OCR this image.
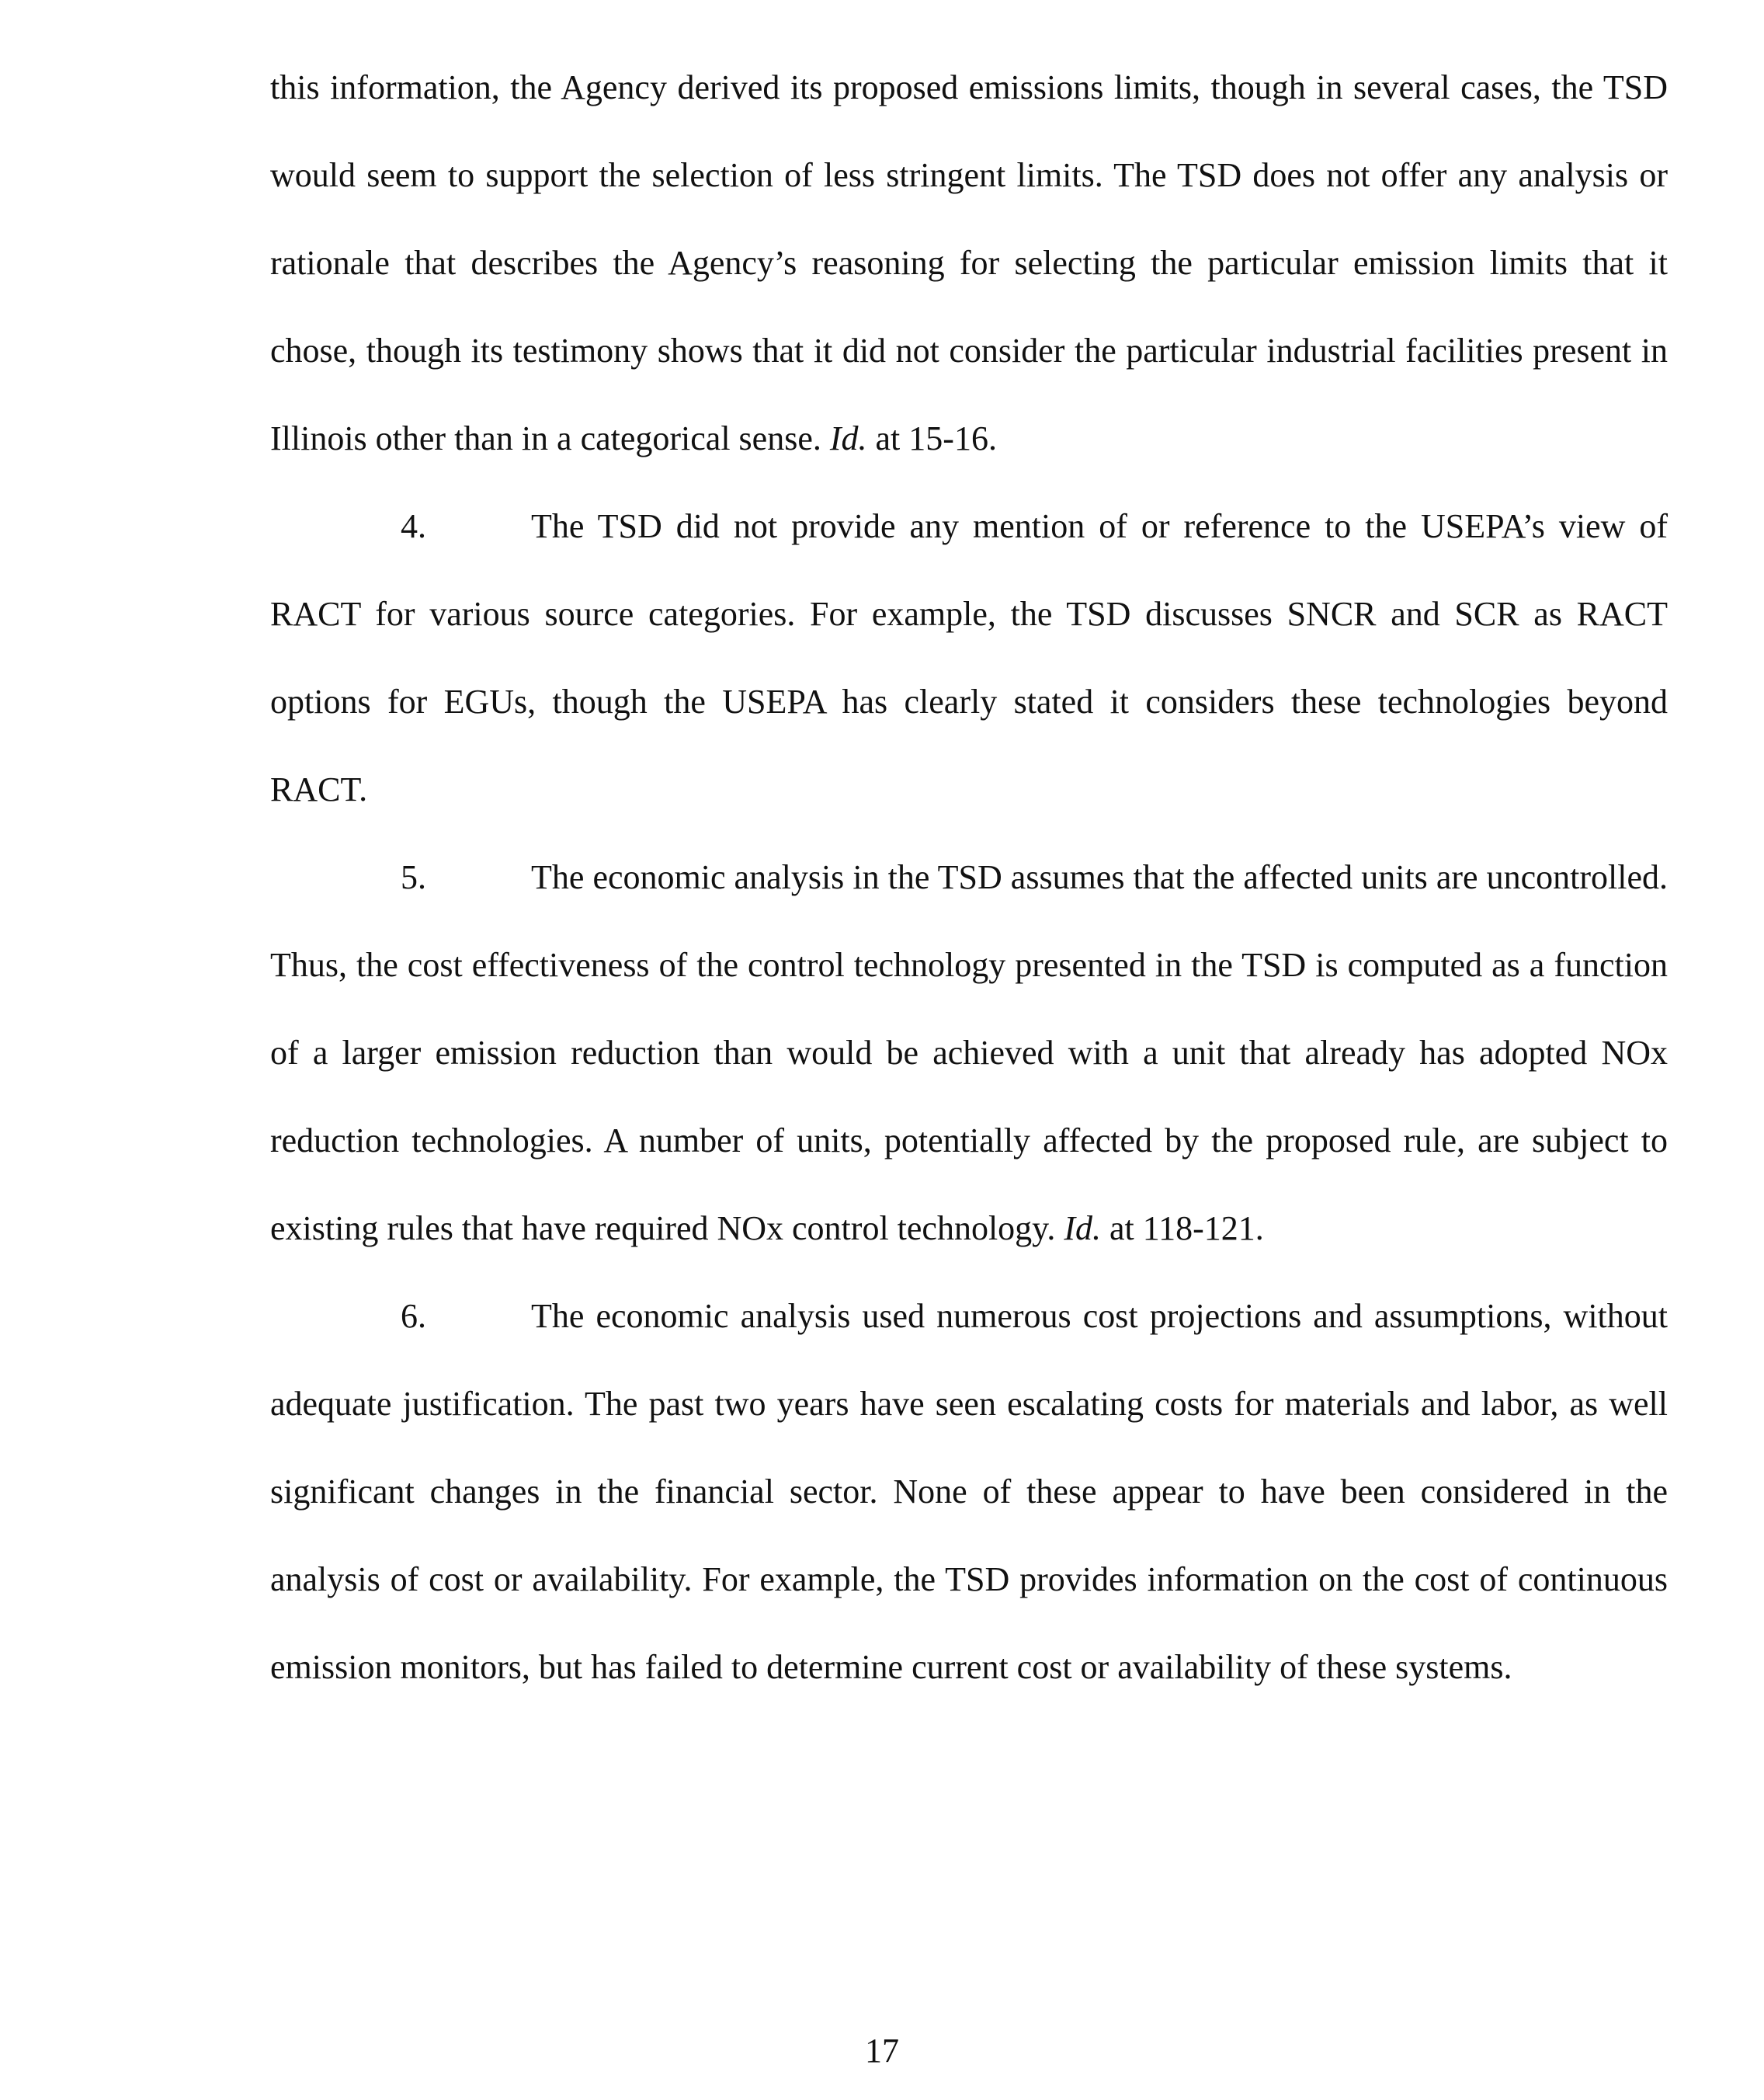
this information, the Agency derived its proposed emissions limits, though in several cases, the TSD would seem to support the selection of less stringent limits. The TSD does not offer any analysis or rationale that describes the Agency’s reasoning for selecting the particular emission limits that it chose, though its testimony shows that it did not consider the particular industrial facilities present in Illinois other than in a categorical sense. Id. at 15-16.

4.	The TSD did not provide any mention of or reference to the USEPA’s view of RACT for various source categories. For example, the TSD discusses SNCR and SCR as RACT options for EGUs, though the USEPA has clearly stated it considers these technologies beyond RACT.

5.	The economic analysis in the TSD assumes that the affected units are uncontrolled. Thus, the cost effectiveness of the control technology presented in the TSD is computed as a function of a larger emission reduction than would be achieved with a unit that already has adopted NOx reduction technologies. A number of units, potentially affected by the proposed rule, are subject to existing rules that have required NOx control technology. Id. at 118-121.

6.	The economic analysis used numerous cost projections and assumptions, without adequate justification. The past two years have seen escalating costs for materials and labor, as well significant changes in the financial sector. None of these appear to have been considered in the analysis of cost or availability. For example, the TSD provides information on the cost of continuous emission monitors, but has failed to determine current cost or availability of these systems.

17
